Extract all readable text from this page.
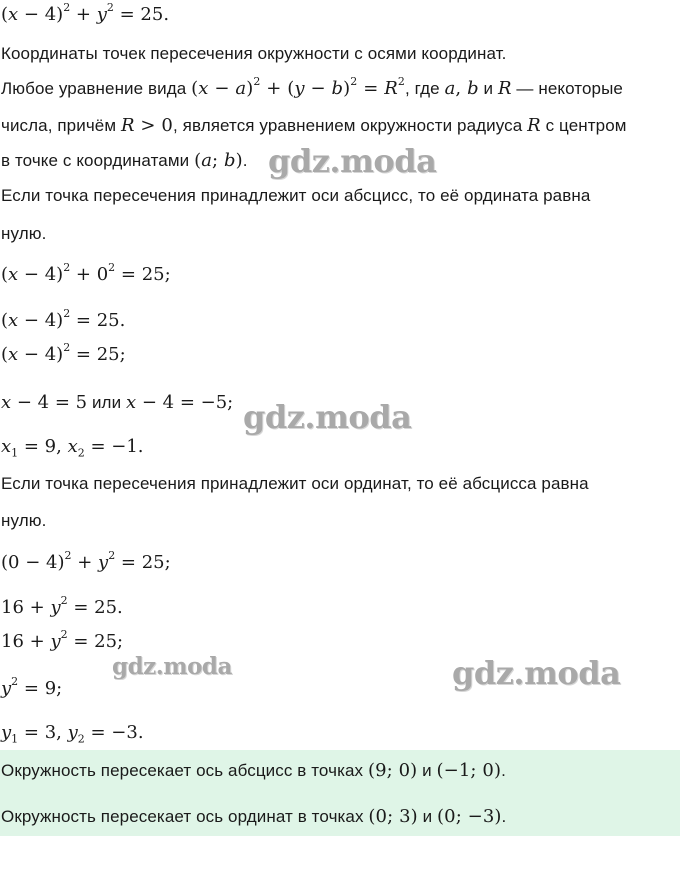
$(x - 4)^2 + y^2 = 25$.
Координаты точек пересечения окружности с осями координат.
Любое уравнение вида $(x - a)^2 + (y - b)^2 = R^2$, где a, b и R — некоторые
числа, причём R > 0, является уравнением окружности радиуса R с центром
в точке с координатами (a; b).
Если точка пересечения принадлежит оси абсцисс, то её ордината равна
нулю.
$(x - 4)^2 + 0^2 = 25$;
$(x - 4)^2 = 25$.
$(x - 4)^2 = 25$;
x − 4 = 5 или x − 4 = −5;
$x_1 = 9$, $x_2 = -1$.
Если точка пересечения принадлежит оси ординат, то её абсцисса равна
нулю.
$(0 - 4)^2 + y^2 = 25$;
$16 + y^2 = 25$.
$16 + y^2 = 25$;
$y^2 = 9$;
$y_1 = 3$, $y_2 = -3$.
Окружность пересекает ось абсцисс в точках (9; 0) и (−1; 0).
Окружность пересекает ось ординат в точках (0; 3) и (0; −3).
gdz.moda
gdz.moda
gdz.moda	gdz.moda
